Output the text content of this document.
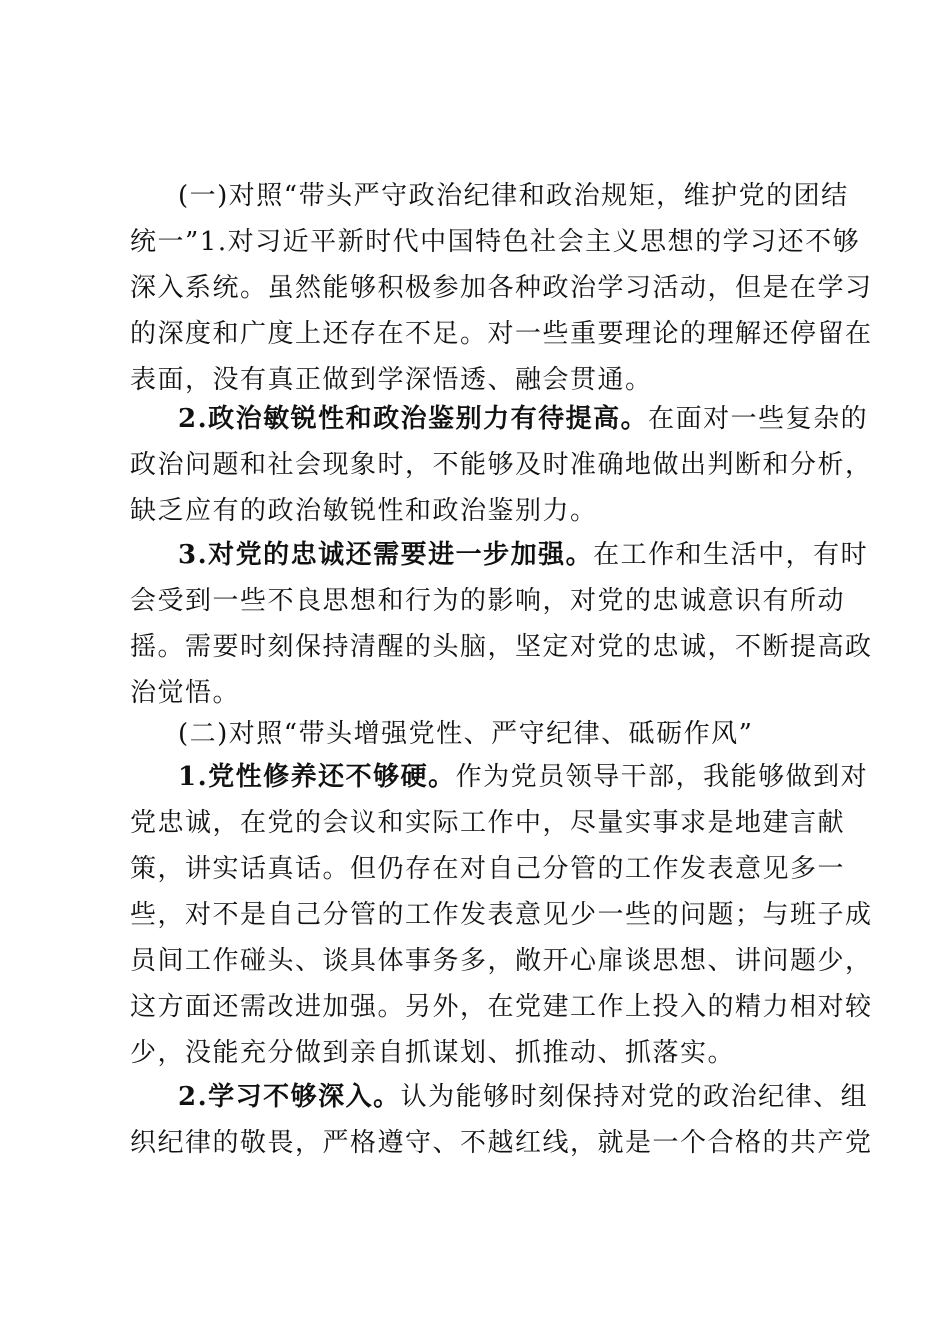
(一)对照“带头严守政治纪律和政治规矩，维护党的团结
统一”1.对习近平新时代中国特色社会主义思想的学习还不够
深入系统。虽然能够积极参加各种政治学习活动，但是在学习
的深度和广度上还存在不足。对一些重要理论的理解还停留在
表面，没有真正做到学深悟透、融会贯通。
2.政治敏锐性和政治鉴别力有待提高。在面对一些复杂的
政治问题和社会现象时，不能够及时准确地做出判断和分析，
缺乏应有的政治敏锐性和政治鉴别力。
3.对党的忠诚还需要进一步加强。在工作和生活中，有时
会受到一些不良思想和行为的影响，对党的忠诚意识有所动
摇。需要时刻保持清醒的头脑，坚定对党的忠诚，不断提高政
治觉悟。
(二)对照“带头增强党性、严守纪律、砥砺作风”
1.党性修养还不够硬。作为党员领导干部，我能够做到对
党忠诚，在党的会议和实际工作中，尽量实事求是地建言献
策，讲实话真话。但仍存在对自己分管的工作发表意见多一
些，对不是自己分管的工作发表意见少一些的问题；与班子成
员间工作碰头、谈具体事务多，敞开心扉谈思想、讲问题少，
这方面还需改进加强。另外，在党建工作上投入的精力相对较
少，没能充分做到亲自抓谋划、抓推动、抓落实。
2.学习不够深入。认为能够时刻保持对党的政治纪律、组
织纪律的敬畏，严格遵守、不越红线，就是一个合格的共产党
